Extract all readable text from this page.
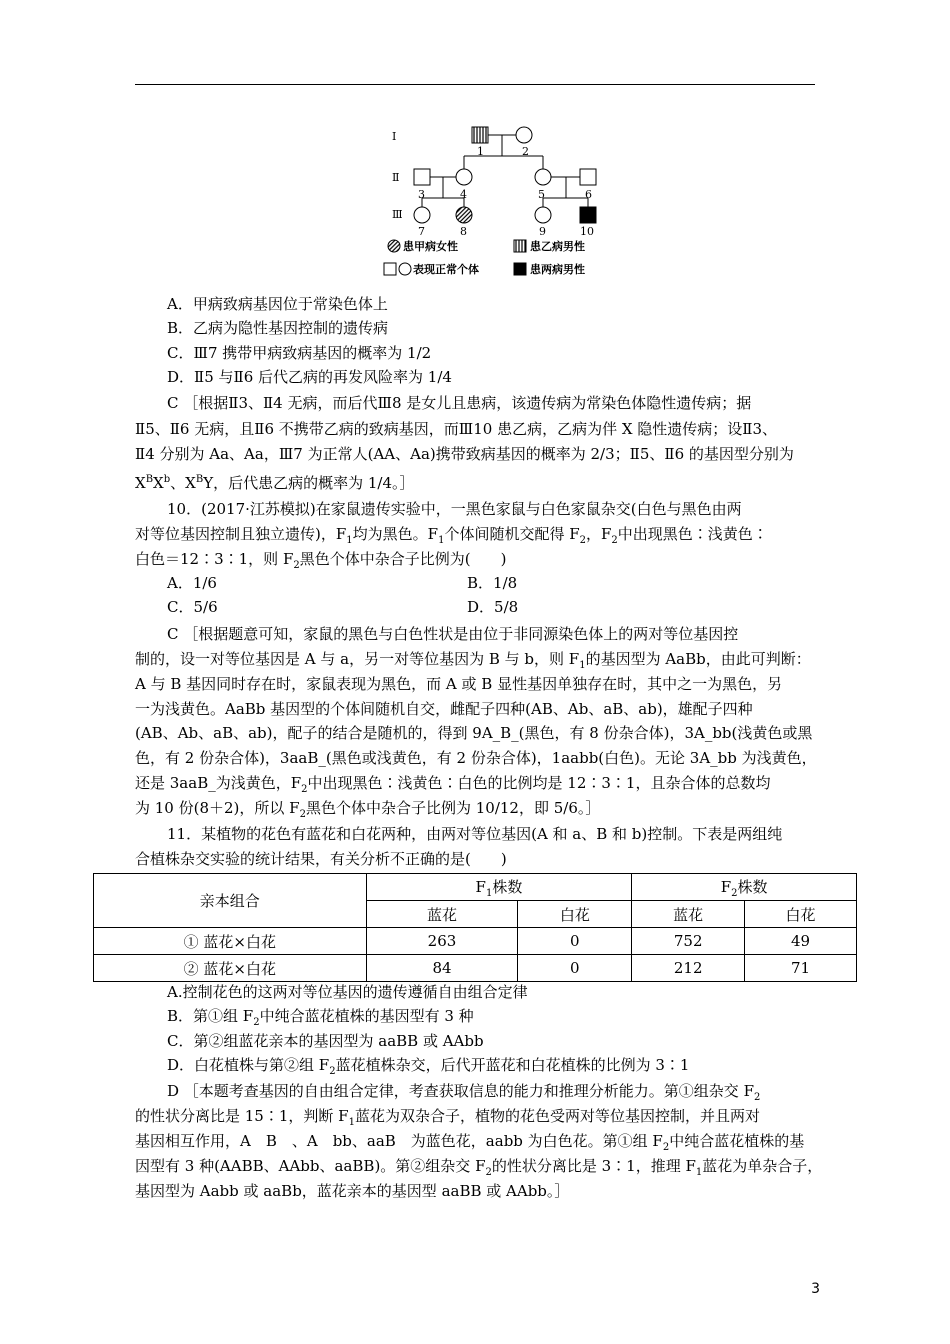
Ⅰ
Ⅱ
Ⅲ
1	2
3	4	5	6
7	8	9	10
患甲病女性	患乙病男性
表现正常个体	患两病男性
A．甲病致病基因位于常染色体上
B．乙病为隐性基因控制的遗传病
C．Ⅲ7 携带甲病致病基因的概率为 1/2
D．Ⅱ5 与Ⅱ6 后代乙病的再发风险率为 1/4
C ［根据Ⅱ3、Ⅱ4 无病，而后代Ⅲ8 是女儿且患病，该遗传病为常染色体隐性遗传病；据
Ⅱ5、Ⅱ6 无病，且Ⅱ6 不携带乙病的致病基因，而Ⅲ10 患乙病，乙病为伴 X 隐性遗传病；设Ⅱ3、
Ⅱ4 分别为 Aa、Aa，Ⅲ7 为正常人(AA、Aa)携带致病基因的概率为 2/3；Ⅱ5、Ⅱ6 的基因型分别为
$X^BX^b$、$X^BY$，后代患乙病的概率为 1/4。］
10．(2017·江苏模拟)在家鼠遗传实验中，一黑色家鼠与白色家鼠杂交(白色与黑色由两
对等位基因控制且独立遗传)，$F_1$均为黑色。$F_1$个体间随机交配得 $F_2$，$F_2$中出现黑色∶浅黄色∶
白色＝12∶3∶1，则 $F_2$黑色个体中杂合子比例为(　　)
A．1/6	B．1/8
C．5/6	D．5/8
C ［根据题意可知，家鼠的黑色与白色性状是由位于非同源染色体上的两对等位基因控
制的，设一对等位基因是 A 与 a，另一对等位基因为 B 与 b，则 $F_1$的基因型为 AaBb，由此可判断：
A 与 B 基因同时存在时，家鼠表现为黑色，而 A 或 B 显性基因单独存在时，其中之一为黑色，另
一为浅黄色。AaBb 基因型的个体间随机自交，雌配子四种(AB、Ab、aB、ab)，雄配子四种
(AB、Ab、aB、ab)，配子的结合是随机的，得到 9A_B_(黑色，有 8 份杂合体)，3A_bb(浅黄色或黑
色，有 2 份杂合体)，3aaB_(黑色或浅黄色，有 2 份杂合体)，1aabb(白色)。无论 3A_bb 为浅黄色，
还是 3aaB_为浅黄色，$F_2$中出现黑色∶浅黄色∶白色的比例均是 12∶3∶1，且杂合体的总数均
为 10 份(8＋2)，所以 $F_2$黑色个体中杂合子比例为 10/12，即 5/6。］
11．某植物的花色有蓝花和白花两种，由两对等位基因(A 和 a、B 和 b)控制。下表是两组纯
合植株杂交实验的统计结果，有关分析不正确的是(　　)
亲本组合	$F_1$株数		$F_2$株数	
	蓝花	白花	蓝花	白花
① 蓝花×白花	263	0	752	49
② 蓝花×白花	84	0	212	71
A.控制花色的这两对等位基因的遗传遵循自由组合定律
B．第①组 $F_2$中纯合蓝花植株的基因型有 3 种
C．第②组蓝花亲本的基因型为 aaBB 或 AAbb
D．白花植株与第②组 $F_2$蓝花植株杂交，后代开蓝花和白花植株的比例为 3∶1
D ［本题考查基因的自由组合定律，考查获取信息的能力和推理分析能力。第①组杂交 $F_2$
的性状分离比是 15∶1，判断 $F_1$蓝花为双杂合子，植物的花色受两对等位基因控制，并且两对
基因相互作用，A　B　、A　bb、aaB　为蓝色花，aabb 为白色花。第①组 $F_2$中纯合蓝花植株的基
因型有 3 种(AABB、AAbb、aaBB)。第②组杂交 $F_2$的性状分离比是 3∶1，推理 $F_1$蓝花为单杂合子，
基因型为 Aabb 或 aaBb，蓝花亲本的基因型 aaBB 或 AAbb。］
3
